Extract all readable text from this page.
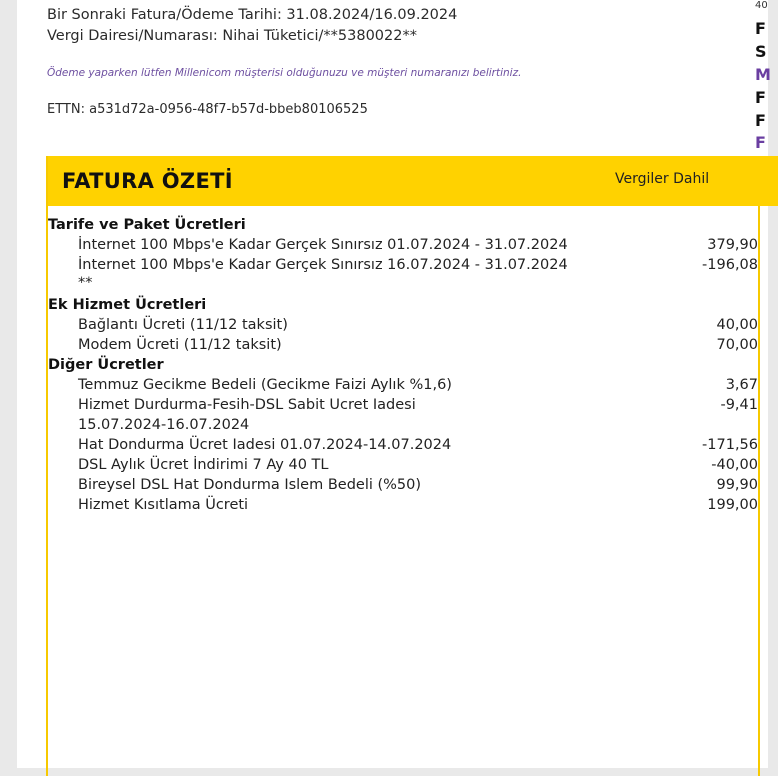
Bir Sonraki Fatura/Ödeme Tarihi: 31.08.2024/16.09.2024
Vergi Dairesi/Numarası: Nihai Tüketici/**5380022**
Ödeme yaparken lütfen Millenicom müşterisi olduğunuzu ve müşteri numaranızı belirtiniz.
ETTN: a531d72a-0956-48f7-b57d-bbeb80106525
40
F
S
M
F
F
F
FATURA ÖZETİ	Vergiler Dahil
Tarife ve Paket Ücretleri
İnternet 100 Mbps'e Kadar Gerçek Sınırsız 01.07.2024 - 31.07.2024	379,90
İnternet 100 Mbps'e Kadar Gerçek Sınırsız 16.07.2024 - 31.07.2024	-196,08
**
Ek Hizmet Ücretleri
Bağlantı Ücreti (11/12 taksit)	40,00
Modem Ücreti (11/12 taksit)	70,00
Diğer Ücretler
Temmuz Gecikme Bedeli (Gecikme Faizi Aylık %1,6)	3,67
Hizmet Durdurma-Fesih-DSL Sabit Ucret Iadesi	-9,41
15.07.2024-16.07.2024
Hat Dondurma Ücret Iadesi 01.07.2024-14.07.2024	-171,56
DSL Aylık Ücret İndirimi 7 Ay 40 TL	-40,00
Bireysel DSL Hat Dondurma Islem Bedeli (%50)	99,90
Hizmet Kısıtlama Ücreti	199,00
